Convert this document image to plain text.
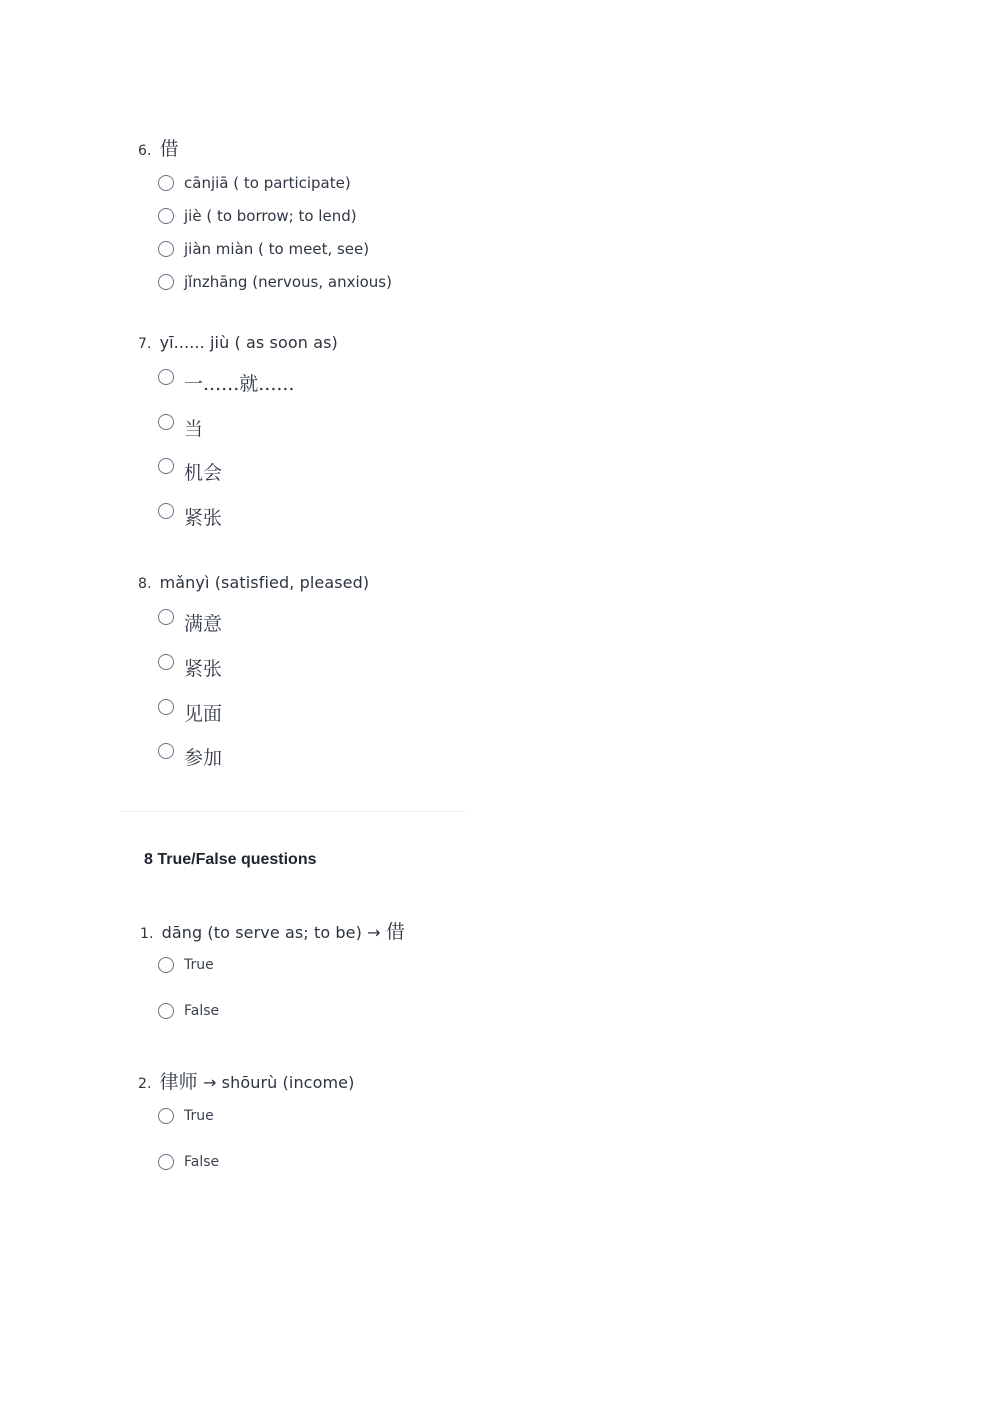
6. 借
cānjiā ( to participate)
jiè ( to borrow; to lend)
jiàn miàn ( to meet, see)
jǐnzhāng (nervous, anxious)
7. yī...... jiù ( as soon as)
一......就......
当
机会
紧张
8. mǎnyì (satisfied, pleased)
满意
紧张
见面
参加
8 True/False questions
1. dāng (to serve as; to be) → 借
True
False
2. 律师 → shōurù (income)
True
False
